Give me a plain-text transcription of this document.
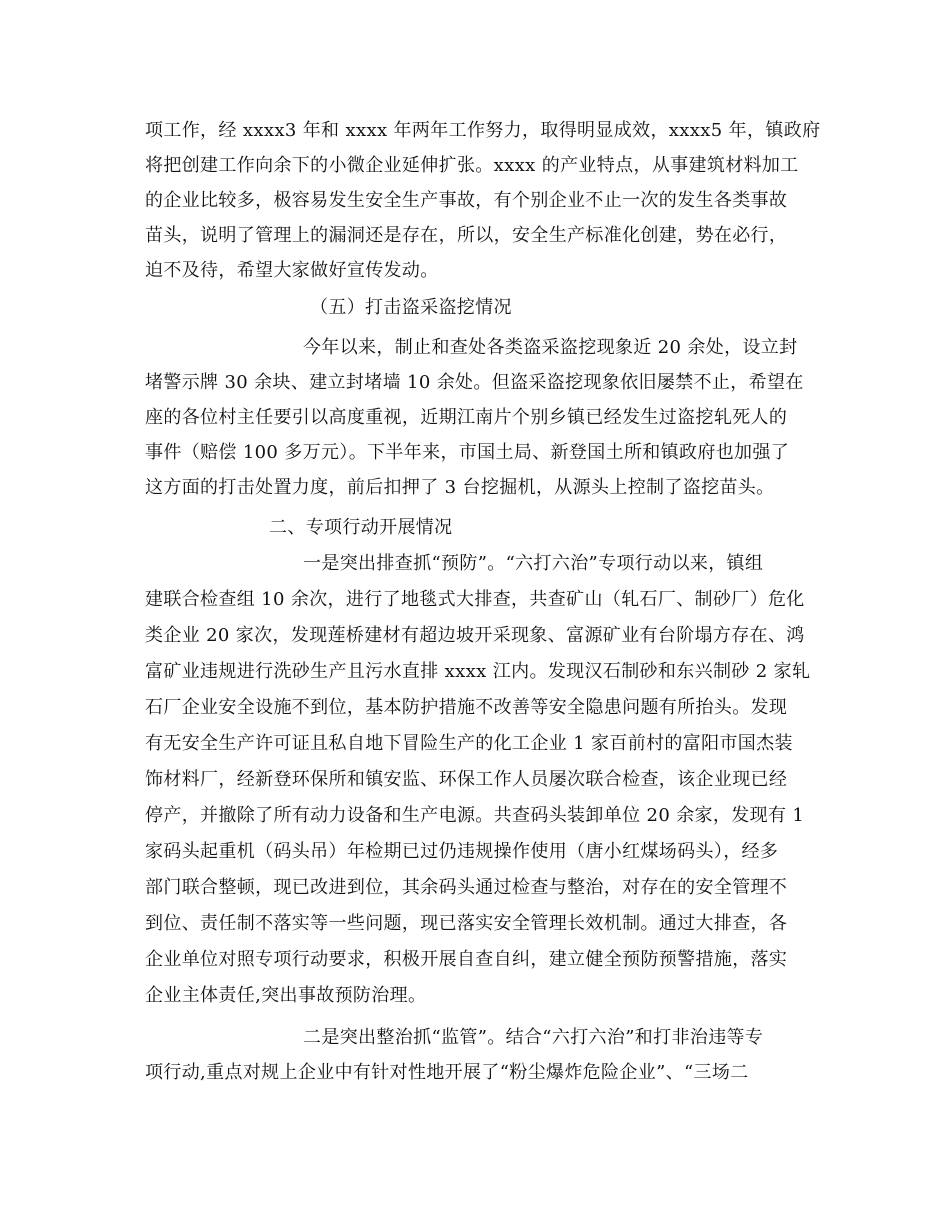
项工作，经 xxxx3 年和 xxxx 年两年工作努力，取得明显成效，xxxx5 年，镇政府
将把创建工作向余下的小微企业延伸扩张。xxxx 的产业特点，从事建筑材料加工
的企业比较多，极容易发生安全生产事故，有个别企业不止一次的发生各类事故
苗头，说明了管理上的漏洞还是存在，所以，安全生产标准化创建，势在必行，
迫不及待，希望大家做好宣传发动。
（五）打击盗采盗挖情况
今年以来，制止和查处各类盗采盗挖现象近 20 余处，设立封
堵警示牌 30 余块、建立封堵墙 10 余处。但盗采盗挖现象依旧屡禁不止，希望在
座的各位村主任要引以高度重视，近期江南片个别乡镇已经发生过盗挖轧死人的
事件（赔偿 100 多万元）。下半年来，市国土局、新登国土所和镇政府也加强了
这方面的打击处置力度，前后扣押了 3 台挖掘机，从源头上控制了盗挖苗头。
二、专项行动开展情况
一是突出排查抓“预防”。“六打六治”专项行动以来，镇组
建联合检查组 10 余次，进行了地毯式大排查，共查矿山（轧石厂、制砂厂）危化
类企业 20 家次，发现莲桥建材有超边坡开采现象、富源矿业有台阶塌方存在、鸿
富矿业违规进行洗砂生产且污水直排 xxxx 江内。发现汉石制砂和东兴制砂 2 家轧
石厂企业安全设施不到位，基本防护措施不改善等安全隐患问题有所抬头。发现
有无安全生产许可证且私自地下冒险生产的化工企业 1 家百前村的富阳市国杰装
饰材料厂，经新登环保所和镇安监、环保工作人员屡次联合检查，该企业现已经
停产，并撤除了所有动力设备和生产电源。共查码头装卸单位 20 余家，发现有 1
家码头起重机（码头吊）年检期已过仍违规操作使用（唐小红煤场码头），经多
部门联合整顿，现已改进到位，其余码头通过检查与整治，对存在的安全管理不
到位、责任制不落实等一些问题，现已落实安全管理长效机制。通过大排查，各
企业单位对照专项行动要求，积极开展自查自纠，建立健全预防预警措施，落实
企业主体责任,突出事故预防治理。
二是突出整治抓“监管”。结合“六打六治”和打非治违等专
项行动,重点对规上企业中有针对性地开展了“粉尘爆炸危险企业”、“三场二
